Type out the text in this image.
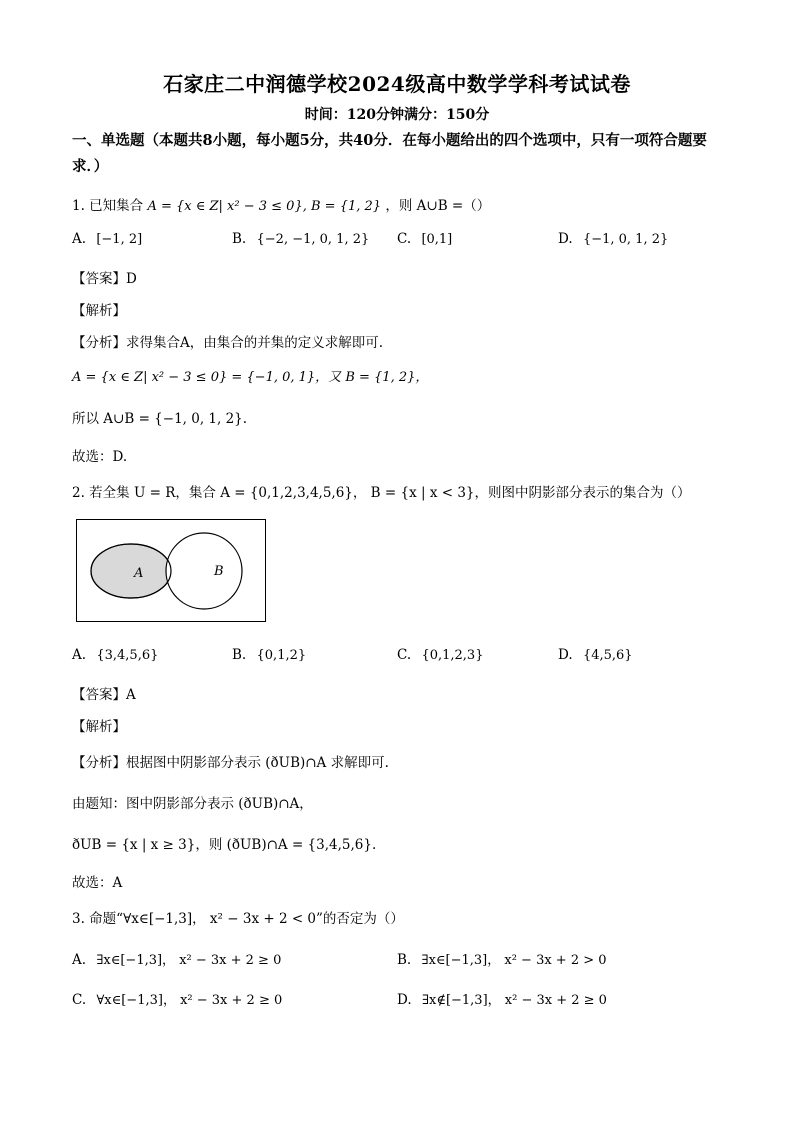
石家庄二中润德学校2024级高中数学学科考试试卷
时间：120分钟满分：150分
一、单选题（本题共8小题，每小题5分，共40分．在每小题给出的四个选项中，只有一项符合题要求．）
1. 已知集合 A = {x ∈ Z| x² − 3 ≤ 0}, B = {1, 2} ，则 A∪B =（）
A. [−1, 2]	B. {−2, −1, 0, 1, 2} C. [0,1]	D. {−1, 0, 1, 2}
【答案】D
【解析】
【分析】求得集合A，由集合的并集的定义求解即可.
A = {x ∈ Z| x² − 3 ≤ 0} = {−1, 0, 1}，又 B = {1, 2}，
所以 A∪B = {−1, 0, 1, 2}.
故选：D.
2. 若全集 U = R，集合 A = {0,1,2,3,4,5,6}， B = {x | x < 3}，则图中阴影部分表示的集合为（）
A	B
A. {3,4,5,6}	B. {0,1,2}	C. {0,1,2,3}	D. {4,5,6}
【答案】A
【解析】
【分析】根据图中阴影部分表示 (ðUB)∩A 求解即可.
由题知：图中阴影部分表示 (ðUB)∩A，
ðUB = {x | x ≥ 3}，则 (ðUB)∩A = {3,4,5,6}.
故选：A
3. 命题“∀x∈[−1,3]， x² − 3x + 2 < 0”的否定为（）
A. ∃x∈[−1,3]， x² − 3x + 2 ≥ 0	B. ∃x∈[−1,3]， x² − 3x + 2 > 0
C. ∀x∈[−1,3]， x² − 3x + 2 ≥ 0	D. ∃x∉[−1,3]， x² − 3x + 2 ≥ 0
